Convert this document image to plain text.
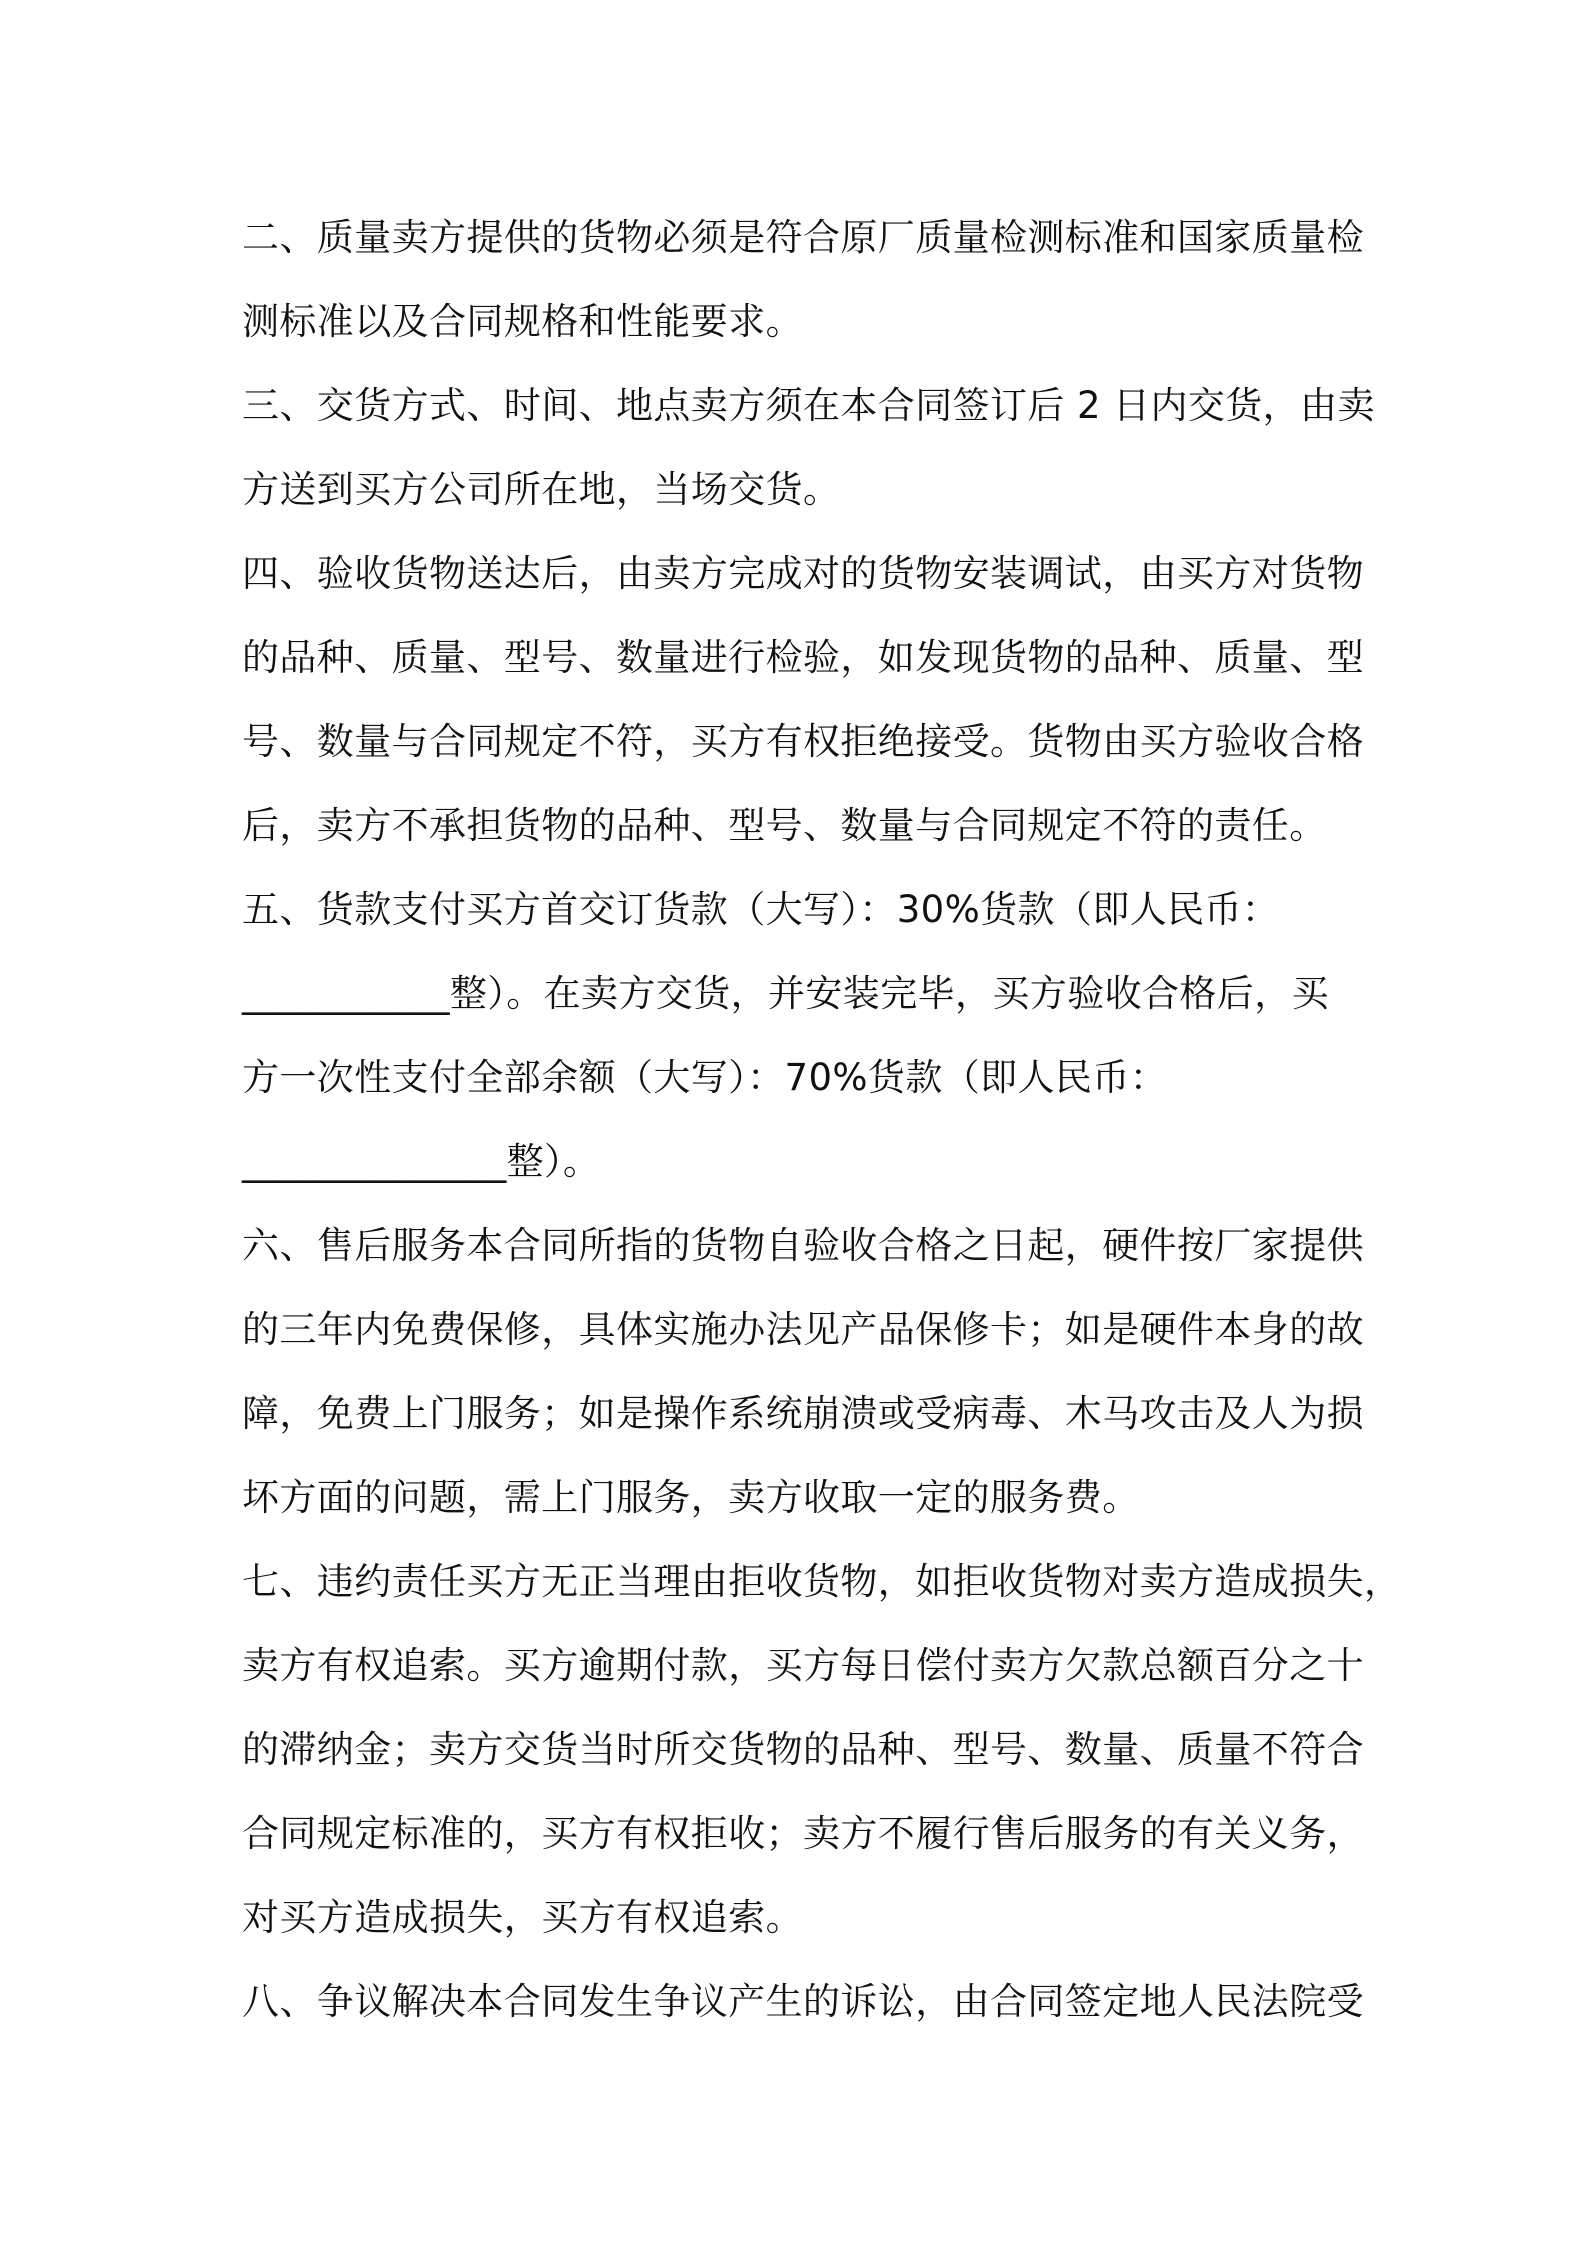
二、质量卖方提供的货物必须是符合原厂质量检测标准和国家质量检
测标准以及合同规格和性能要求。
三、交货方式、时间、地点卖方须在本合同签订后 2 日内交货，由卖
方送到买方公司所在地，当场交货。
四、验收货物送达后，由卖方完成对的货物安装调试，由买方对货物
的品种、质量、型号、数量进行检验，如发现货物的品种、质量、型
号、数量与合同规定不符，买方有权拒绝接受。货物由买方验收合格
后，卖方不承担货物的品种、型号、数量与合同规定不符的责任。
五、货款支付买方首交订货款（大写）：30%货款（即人民币：
___________整）。在卖方交货，并安装完毕，买方验收合格后，买
方一次性支付全部余额（大写）：70%货款（即人民币：
______________整）。
六、售后服务本合同所指的货物自验收合格之日起，硬件按厂家提供
的三年内免费保修，具体实施办法见产品保修卡；如是硬件本身的故
障，免费上门服务；如是操作系统崩溃或受病毒、木马攻击及人为损
坏方面的问题，需上门服务，卖方收取一定的服务费。
七、违约责任买方无正当理由拒收货物，如拒收货物对卖方造成损失，
卖方有权追索。买方逾期付款，买方每日偿付卖方欠款总额百分之十
的滞纳金；卖方交货当时所交货物的品种、型号、数量、质量不符合
合同规定标准的，买方有权拒收；卖方不履行售后服务的有关义务，
对买方造成损失，买方有权追索。
八、争议解决本合同发生争议产生的诉讼，由合同签定地人民法院受
